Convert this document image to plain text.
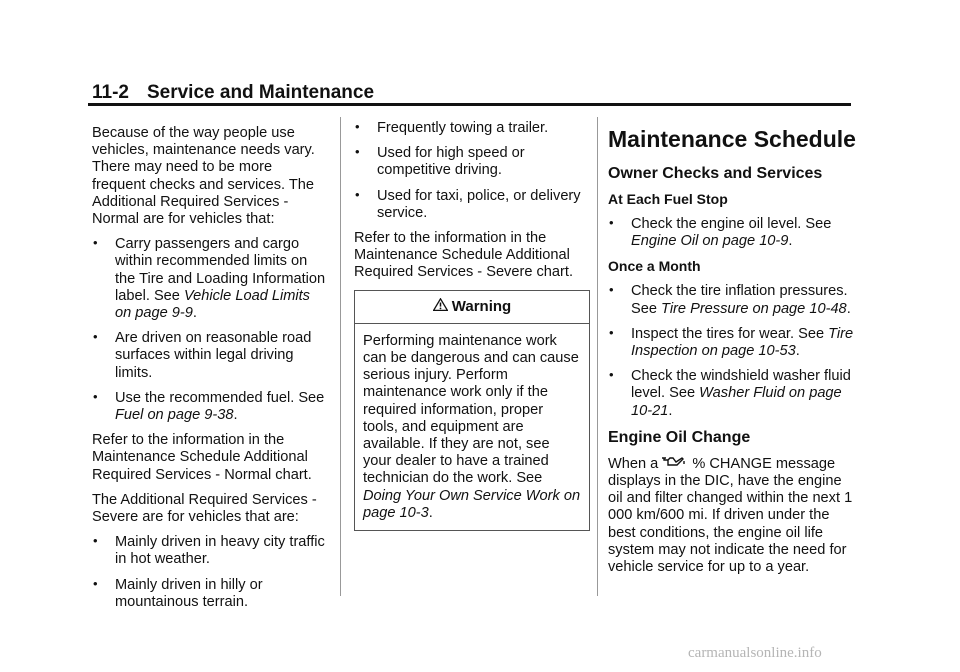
11-2 Service and Maintenance

Because of the way people use vehicles, maintenance needs vary. There may need to be more frequent checks and services. The Additional Required Services - Normal are for vehicles that:

• Carry passengers and cargo within recommended limits on the Tire and Loading Information label. See Vehicle Load Limits on page 9-9.
• Are driven on reasonable road surfaces within legal driving limits.
• Use the recommended fuel. See Fuel on page 9-38.

Refer to the information in the Maintenance Schedule Additional Required Services - Normal chart.

The Additional Required Services - Severe are for vehicles that are:

• Mainly driven in heavy city traffic in hot weather.
• Mainly driven in hilly or mountainous terrain.
• Frequently towing a trailer.
• Used for high speed or competitive driving.
• Used for taxi, police, or delivery service.

Refer to the information in the Maintenance Schedule Additional Required Services - Severe chart.

Warning

Performing maintenance work can be dangerous and can cause serious injury. Perform maintenance work only if the required information, proper tools, and equipment are available. If they are not, see your dealer to have a trained technician do the work. See Doing Your Own Service Work on page 10-3.

Maintenance Schedule
Owner Checks and Services
At Each Fuel Stop
• Check the engine oil level. See Engine Oil on page 10-9.
Once a Month
• Check the tire inflation pressures. See Tire Pressure on page 10-48.
• Inspect the tires for wear. See Tire Inspection on page 10-53.
• Check the windshield washer fluid level. See Washer Fluid on page 10-21.
Engine Oil Change

When a % CHANGE message
displays in the DIC, have the engine oil and filter changed within the next 1 000 km/600 mi. If driven under the best conditions, the engine oil life system may not indicate the need for vehicle service for up to a year.

carmanualsonline.info
